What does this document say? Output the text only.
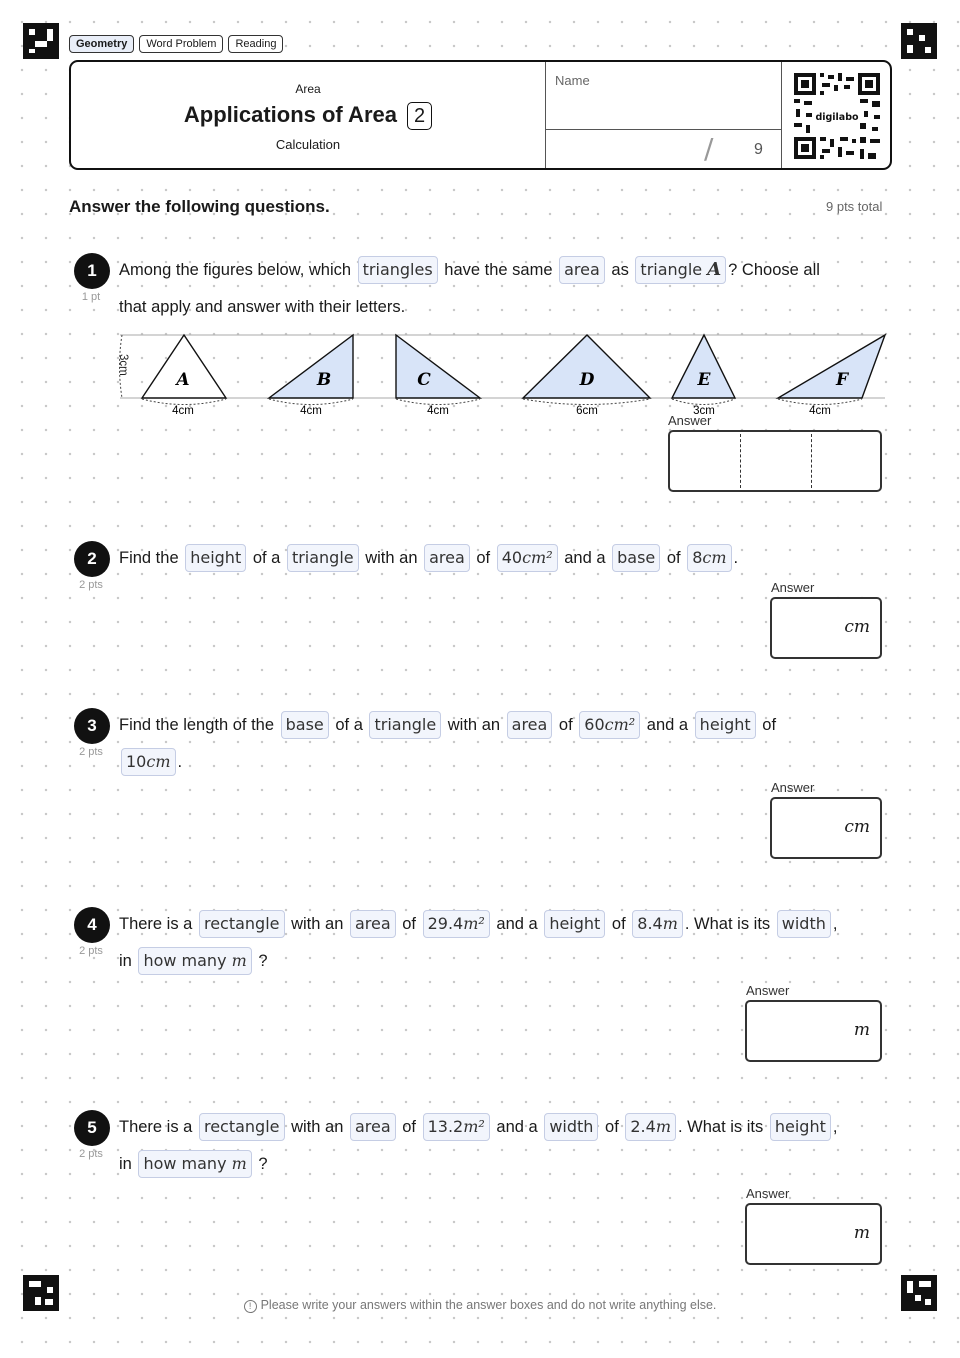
Geometry	Word Problem	Reading
Area
Applications of Area 2
Calculation
Name
/	9
digilabo
Answer the following questions.	9 pts total
1
1 pt
Among the figures below, which triangles have the same area as triangle A ? Choose all
that apply and answer with their letters.
3cm
A
4cm
B
4cm
C
4cm
D
6cm
E
3cm
F
4cm
Answer
2
2 pts
Find the height of a triangle with an area of 40cm² and a base of 8cm .
Answer
cm
3
2 pts
Find the length of the base of a triangle with an area of 60cm² and a height of
10cm .
Answer
cm
4
2 pts
There is a rectangle with an area of 29.4m² and a height of 8.4m . What is its width ,
in how many m ?
Answer
m
5
2 pts
There is a rectangle with an area of 13.2m² and a width of 2.4m . What is its height ,
in how many m ?
Answer
m
! Please write your answers within the answer boxes and do not write anything else.
